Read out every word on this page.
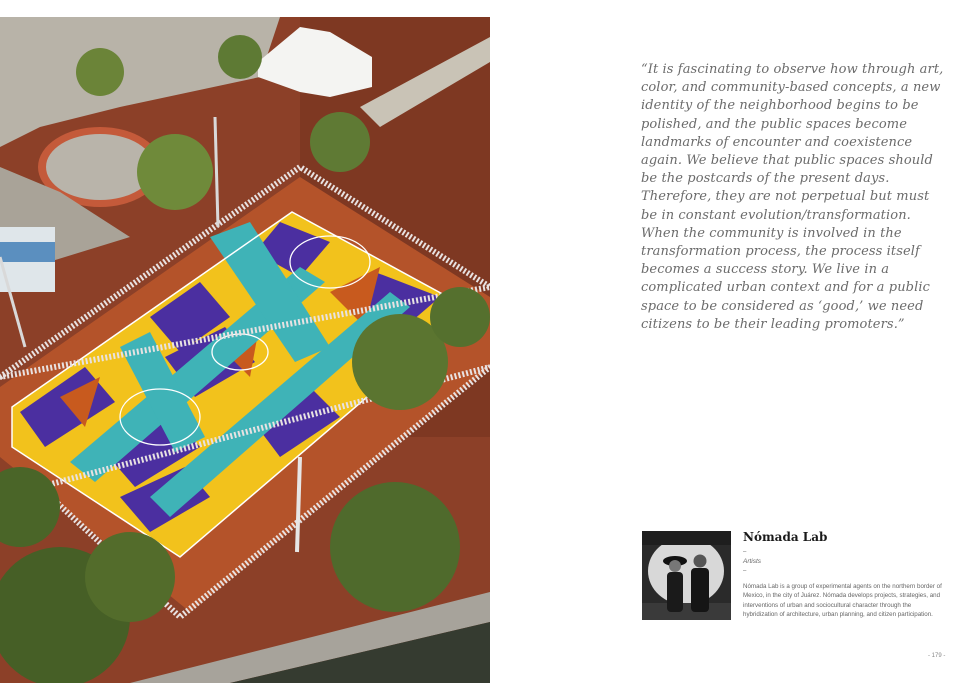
“It is fascinating to observe how through art, color, and community-based concepts, a new identity of the neighborhood begins to be polished, and the public spaces become landmarks of encounter and coexistence again. We believe that public spaces should be the postcards of the present days. Therefore, they are not perpetual but must be in constant evolution/transformation. When the community is involved in the transformation process, the process itself becomes a success story. We live in a complicated urban context and for a public space to be considered as ‘good,’ we need citizens to be their leading promoters.”
Nómada Lab
–
Artists
–
Nómada Lab is a group of experimental agents on the northern border of Mexico, in the city of Juárez. Nómada develops projects, strategies, and interventions of urban and sociocultural character through the hybridization of architecture, urban planning, and citizen participation.
- 179 -
